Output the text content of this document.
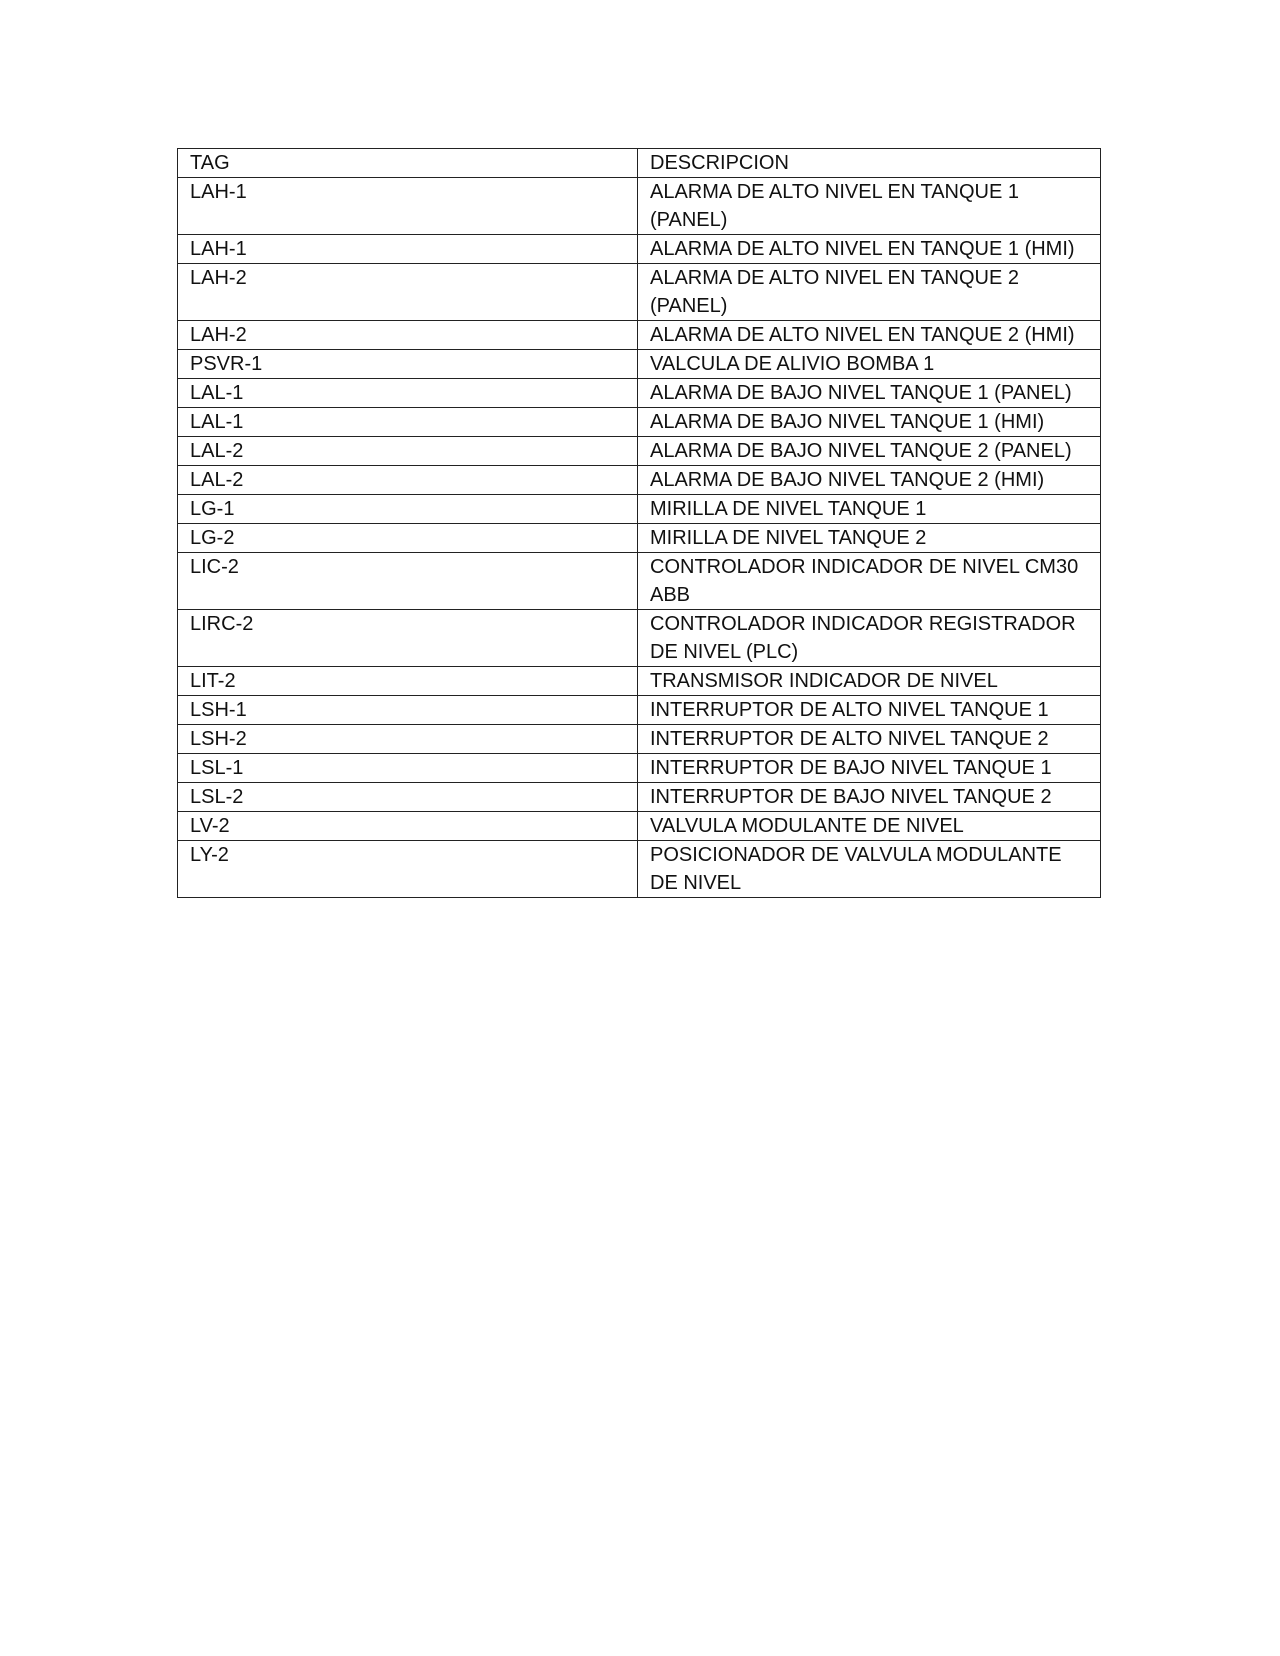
TAG	DESCRIPCION
LAH-1	ALARMA DE ALTO NIVEL EN TANQUE 1 (PANEL)
LAH-1	ALARMA DE ALTO NIVEL EN TANQUE 1 (HMI)
LAH-2	ALARMA DE ALTO NIVEL EN TANQUE 2 (PANEL)
LAH-2	ALARMA DE ALTO NIVEL EN TANQUE 2 (HMI)
PSVR-1	VALCULA DE ALIVIO BOMBA 1
LAL-1	ALARMA DE BAJO NIVEL TANQUE 1 (PANEL)
LAL-1	ALARMA DE BAJO NIVEL TANQUE 1 (HMI)
LAL-2	ALARMA DE BAJO NIVEL TANQUE 2 (PANEL)
LAL-2	ALARMA DE BAJO NIVEL TANQUE 2 (HMI)
LG-1	MIRILLA DE NIVEL TANQUE 1
LG-2	MIRILLA DE NIVEL TANQUE 2
LIC-2	CONTROLADOR INDICADOR DE NIVEL CM30 ABB
LIRC-2	CONTROLADOR INDICADOR REGISTRADOR DE NIVEL (PLC)
LIT-2	TRANSMISOR INDICADOR DE NIVEL
LSH-1	INTERRUPTOR DE ALTO NIVEL TANQUE 1
LSH-2	INTERRUPTOR DE ALTO NIVEL TANQUE 2
LSL-1	INTERRUPTOR DE BAJO NIVEL TANQUE 1
LSL-2	INTERRUPTOR DE BAJO NIVEL TANQUE 2
LV-2	VALVULA MODULANTE DE NIVEL
LY-2	POSICIONADOR DE VALVULA MODULANTE DE NIVEL
